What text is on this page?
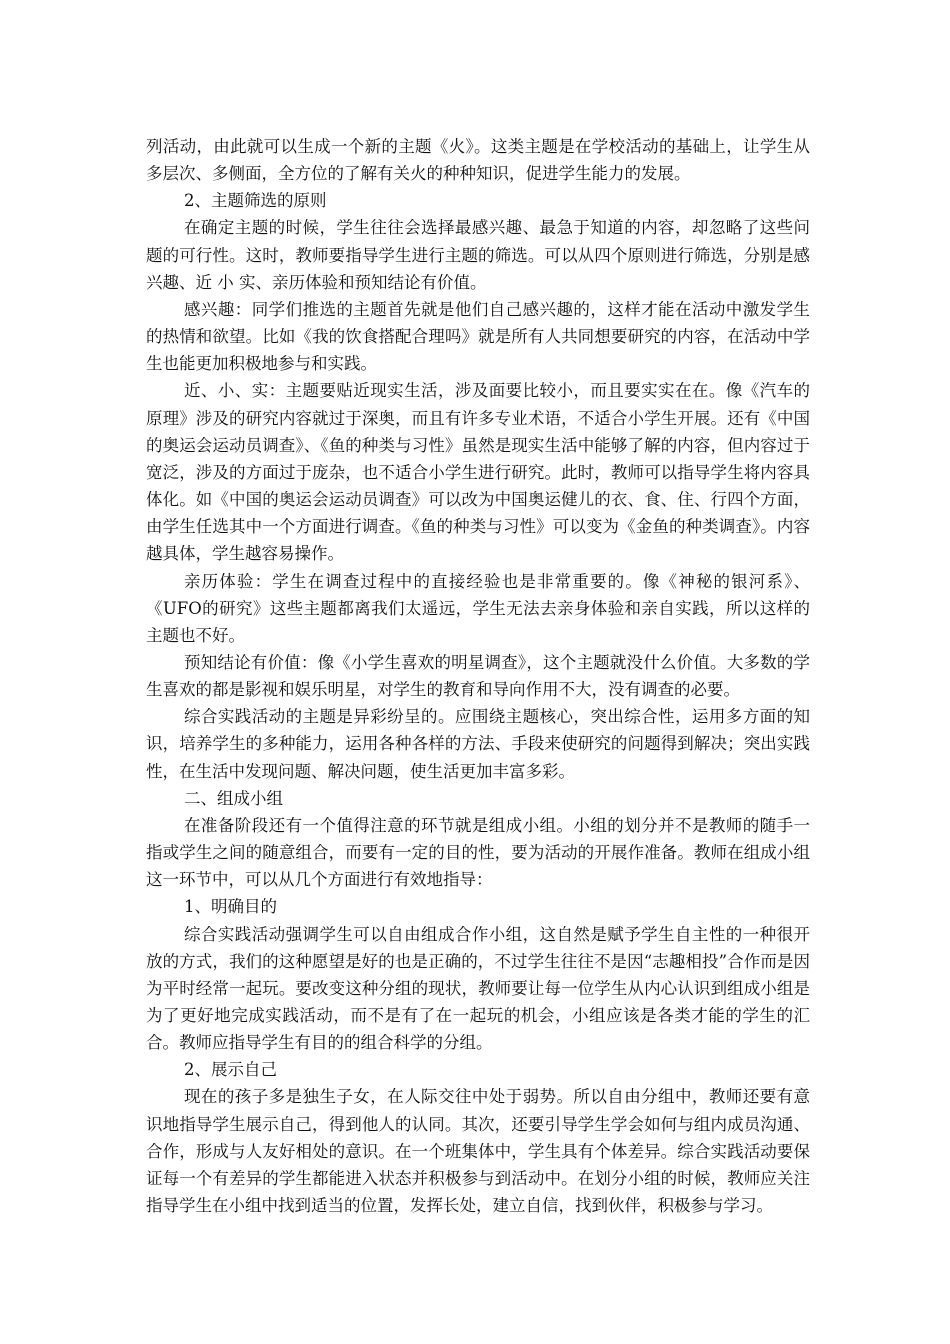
列活动，由此就可以生成一个新的主题《火》。这类主题是在学校活动的基础上，让学生从多层次、多侧面，全方位的了解有关火的种种知识，促进学生能力的发展。

2、主题筛选的原则

在确定主题的时候，学生往往会选择最感兴趣、最急于知道的内容，却忽略了这些问题的可行性。这时，教师要指导学生进行主题的筛选。可以从四个原则进行筛选，分别是感兴趣、近 小 实、亲历体验和预知结论有价值。

感兴趣：同学们推选的主题首先就是他们自己感兴趣的，这样才能在活动中激发学生的热情和欲望。比如《我的饮食搭配合理吗》就是所有人共同想要研究的内容，在活动中学生也能更加积极地参与和实践。

近、小、实：主题要贴近现实生活，涉及面要比较小，而且要实实在在。像《汽车的原理》涉及的研究内容就过于深奥，而且有许多专业术语，不适合小学生开展。还有《中国的奥运会运动员调查》、《鱼的种类与习性》虽然是现实生活中能够了解的内容，但内容过于宽泛，涉及的方面过于庞杂，也不适合小学生进行研究。此时，教师可以指导学生将内容具体化。如《中国的奥运会运动员调查》可以改为中国奥运健儿的衣、食、住、行四个方面，由学生任选其中一个方面进行调查。《鱼的种类与习性》可以变为《金鱼的种类调查》。内容越具体，学生越容易操作。

亲历体验：学生在调查过程中的直接经验也是非常重要的。像《神秘的银河系》、《UFO的研究》这些主题都离我们太遥远，学生无法去亲身体验和亲自实践，所以这样的主题也不好。

预知结论有价值：像《小学生喜欢的明星调查》，这个主题就没什么价值。大多数的学生喜欢的都是影视和娱乐明星，对学生的教育和导向作用不大，没有调查的必要。

综合实践活动的主题是异彩纷呈的。应围绕主题核心，突出综合性，运用多方面的知识，培养学生的多种能力，运用各种各样的方法、手段来使研究的问题得到解决；突出实践性，在生活中发现问题、解决问题，使生活更加丰富多彩。

二、组成小组

在准备阶段还有一个值得注意的环节就是组成小组。小组的划分并不是教师的随手一指或学生之间的随意组合，而要有一定的目的性，要为活动的开展作准备。教师在组成小组这一环节中，可以从几个方面进行有效地指导：

1、明确目的

综合实践活动强调学生可以自由组成合作小组，这自然是赋予学生自主性的一种很开放的方式，我们的这种愿望是好的也是正确的，不过学生往往不是因“志趣相投”合作而是因为平时经常一起玩。要改变这种分组的现状，教师要让每一位学生从内心认识到组成小组是为了更好地完成实践活动，而不是有了在一起玩的机会，小组应该是各类才能的学生的汇合。教师应指导学生有目的的组合科学的分组。

2、展示自己

现在的孩子多是独生子女，在人际交往中处于弱势。所以自由分组中，教师还要有意识地指导学生展示自己，得到他人的认同。其次，还要引导学生学会如何与组内成员沟通、合作，形成与人友好相处的意识。在一个班集体中，学生具有个体差异。综合实践活动要保证每一个有差异的学生都能进入状态并积极参与到活动中。在划分小组的时候，教师应关注指导学生在小组中找到适当的位置，发挥长处，建立自信，找到伙伴，积极参与学习。
